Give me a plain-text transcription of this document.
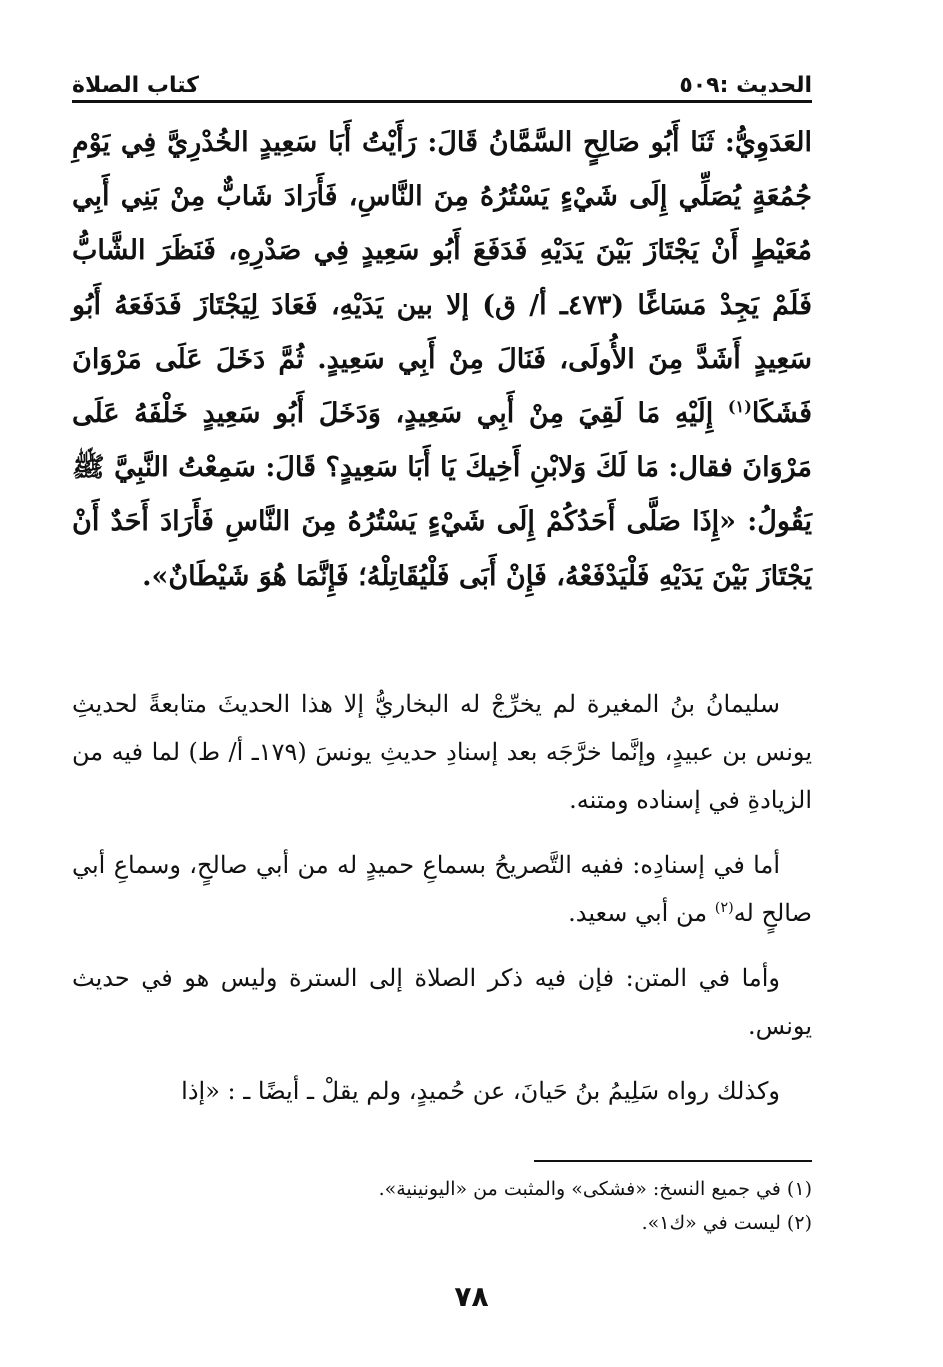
الحديث :٥٠٩
كتاب الصلاة

العَدَوِيُّ: ثَنَا أَبُو صَالِحٍ السَّمَّانُ قَالَ: رَأَيْتُ أَبَا سَعِيدٍ الخُدْرِيَّ فِي يَوْمِ جُمُعَةٍ يُصَلِّي إِلَى شَيْءٍ يَسْتُرُهُ مِنَ النَّاسِ، فَأَرَادَ شَابٌّ مِنْ بَنِي أَبِي مُعَيْطٍ أَنْ يَجْتَازَ بَيْنَ يَدَيْهِ فَدَفَعَ أَبُو سَعِيدٍ فِي صَدْرِهِ، فَنَظَرَ الشَّابُّ فَلَمْ يَجِدْ مَسَاغًا (٤٧٣ـ أ/ ق) إلا بين يَدَيْهِ، فَعَادَ لِيَجْتَازَ فَدَفَعَهُ أَبُو سَعِيدٍ أَشَدَّ مِنَ الأُولَى، فَنَالَ مِنْ أَبِي سَعِيدٍ. ثُمَّ دَخَلَ عَلَى مَرْوَانَ فَشَكَا$^{(١)}$ إِلَيْهِ مَا لَقِيَ مِنْ أَبِي سَعِيدٍ، وَدَخَلَ أَبُو سَعِيدٍ خَلْفَهُ عَلَى مَرْوَانَ فقال: مَا لَكَ وَلابْنِ أَخِيكَ يَا أَبَا سَعِيدٍ؟ قَالَ: سَمِعْتُ النَّبِيَّ ﷺ يَقُولُ: «إِذَا صَلَّى أَحَدُكُمْ إِلَى شَيْءٍ يَسْتُرُهُ مِنَ النَّاسِ فَأَرَادَ أَحَدٌ أَنْ يَجْتَازَ بَيْنَ يَدَيْهِ فَلْيَدْفَعْهُ، فَإِنْ أَبَى فَلْيُقَاتِلْهُ؛ فَإِنَّمَا هُوَ شَيْطَانٌ».

سليمانُ بنُ المغيرة لم يخرِّجْ له البخاريُّ إلا هذا الحديثَ متابعةً لحديثِ يونس بن عبيدٍ، وإنَّما خرَّجَه بعد إسنادِ حديثِ يونسَ (١٧٩ـ أ/ ط) لما فيه من الزيادةِ في إسناده ومتنه.

أما في إسنادِه: ففيه التَّصريحُ بسماعِ حميدٍ له من أبي صالحٍ، وسماعِ أبي صالحٍ له$^{(٢)}$ من أبي سعيد.

وأما في المتن: فإن فيه ذكر الصلاة إلى السترة وليس هو في حديث يونس.

وكذلك رواه سَلِيمُ بنُ حَيانَ، عن حُميدٍ، ولم يقلْ ـ أيضًا ـ : «إذا

(١) في جميع النسخ: «فشكى» والمثبت من «اليونينية».

(٢) ليست في «ك١».

٧٨
